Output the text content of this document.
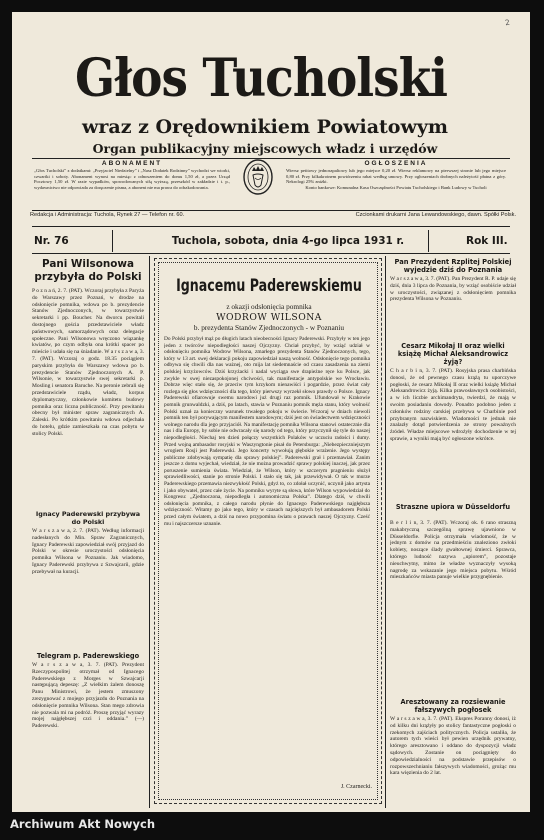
2
Głos Tucholski
wraz z Orędownikiem Powiatowym
Organ publikacyjny miejscowych władz i urzędów
ABONAMENT
„Głos Tucholski” z dodatkami: „Przyjaciel Niedzielny” i „Nasz Dodatek Rodzinny” wychodzi we wtorki, czwartki i soboty. Abonament wynosi na miesiąc z odnoszeniem do domu 1,50 zł, a przez Urząd Pocztowy 1,50 zł. W razie wypadków, spowodowanych siłą wyższą, przeszkód w zakładzie i t. p., wydawnictwo nie odpowiada za doręczenie pisma, a abonent nie ma prawa do odszkodowania.
OGŁOSZENIA
Wiersz petitowy jednoszpaltowy lub jego miejsce 0,20 zł. Wiersz reklamowy na pierwszej stronie lub jego miejsce 0,80 zł. Przy kilkakrotnem powtórzeniu rabat według umowy. Przy ogłoszeniach drobnych należytość płatna z góry. Nekrologi 25% zniżki.
Konto bankowe: Komunalna Kasa Oszczędności Powiatu Tucholskiego i Bank Ludowy w Tucholi
Redakcja i Administracja: Tuchola, Rynek 27 — Telefon nr. 60.	Czcionkami drukarni Jana Lewandowskiego, dawn. Spółki Polsk.
Nr. 76	Tuchola, sobota, dnia 4-go lipca 1931 r.	Rok III.
Pani Wilsonowa przybyła do Polski
P o z n a ń, 2. 7. (PAT). Wczoraj przybyła z Paryża do Warszawy przez Poznań, w drodze na odsłonięcie pomnika, wdowa po b. prezydencie Stanów Zjednoczonych, w towarzystwie sekretarki i pp. Boucher. Na dworcu powitali dostojnego gościa przedstawiciele władz państwowych, samorządowych oraz delegacje społeczne. Pani Wilsonowa wręczono wiązankę kwiatów, po czym odbyła ona krótki spacer po mieście i udała się na śniadanie. W a r s z a w a, 3. 7. (PAT). Wczoraj o godz. 18.35 pociągiem paryskim przybyła do Warszawy wdowa po b. prezydencie Stanów Zjednoczonych A. P. Wilsonie, w towarzystwie swej sekretarki p. Mosling i senatora Baruche. Na peronie zebrali się przedstawiciele rządu, władz, korpus dyplomatyczny, członkowie komitetu budowy pomnika oraz liczna publiczność. Przy powitaniu obecny był minister spraw zagranicznych A. Zaleski. Po krótkim powitaniu wdowa odjechała do hotelu, gdzie zamieszkała na czas pobytu w stolicy Polski.
Ignacy Paderewski przybywa do Polski
W a r s z a w a, 2. 7. (PAT). Według informacji nadesłanych do Min. Spraw Zagranicznych, Ignacy Paderewski zapowiedział swój przyjazd do Polski w okresie uroczystości odsłonięcia pomnika Wilsona w Poznaniu. Jak wiadomo, Ignacy Paderewski przybywa z Szwajcarii, gdzie przebywał na kuracji.
Telegram p. Paderewskiego
W a r s z a w a, 3. 7. (PAT). Prezydent Rzeczypospolitej otrzymał od Ignacego Paderewskiego z Morges w Szwajcarji następującą depeszę: „Z wielkim żalem donoszę Panu Ministrowi, że jestem zmuszony zrezygnować z mojego przyjazdu do Poznania na odsłonięcie pomnika Wilsona. Stan mego zdrowia nie pozwala mi na podróż. Proszę przyjąć wyrazy mojej najgłębszej czci i oddania.” (—) Paderewski.
Ignacemu Paderewskiemu
z okazji odsłonięcia pomnika
WODROW WILSONA
b. prezydenta Stanów Zjednoczonych - w Poznaniu
Do Polski przybył mąż po długich latach nieobecności Ignacy Paderewski. Przybyły w ten jego jeden z twórców niepodległości naszej Ojczyzny. Chciał przybyć, by wziąć udział w odsłonięciu pomnika Wodrow Wilsona, zmarłego prezydenta Stanów Zjednoczonych, tego, który w 13 art. swej deklaracji pokoju zapowiedział naszą wolność. Odsłonięcie tego pomnika odbywa się chwili dla nas ważnej, oto mija lat siedemnaście od czasu zasadzenia na ziemi polskiej krzyżowców. Dziś krzyżacki i nadal wyciąga swe drapieżne ręce ku Polsce, jak zwykle w swej niezaspokojonej chciwości, tak manifestacje antypolskie we Wrocławiu. Dobrze więc stało się, że przeciw tym krzykom nienawiści i pogardzie, przez świat cały rozlega się głos wdzięczności dla tego, który pierwszy wyrzekł słowo prawdy o Polsce. Ignacy Paderewski ofiarowuje swemu narodowi już drugi raz pomnik. Ufundował w Krakowie pomnik grunwaldzki, a dziś, po latach, stawia w Poznaniu pomnik męża stanu, który wolność Polski uznał za konieczny warunek trwałego pokoju w świecie. Wczoraj w dniach niewoli pomnik ten był porywającym manifestem narodowym; dziś jest on świadectwem wdzięczności wolnego narodu dla jego przyjaciół. Na manifestację pomnika Wilsona stanowi ostatecznie dla nas i dla Europy, by sobie nie odwracały się narody od tego, który przyczynił się tyle do naszej niepodległości. Niechaj ten dzień połączy wszystkich Polaków w uczuciu radości i dumy. Przed wojną ambasador rosyjski w Waszyngtonie pisał do Petersburga: „Niebezpieczniejszym wrogiem Rosji jest Paderewski. Jego koncerty wywołują głębokie wrażenie. Jego występy publiczne zdobywają sympatię dla sprawy polskiej”. Paderewski grał i przemawiał. Zanim jeszcze z domu wyjechał, wiedział, że nie można prowadzić sprawy polskiej inaczej, jak przez poruszenie sumienia świata. Wiedział, że Wilson, który w szczerym pragnieniu służył sprawiedliwości, stanie po stronie Polski. I stało się tak, jak przewidywał. O tak w murze Paderewskiego przemawia niezwykłość Polski, gdyż to, co zdołał uczynić, uczynił jako artysta i jako obywatel, przez całe życie. Na pomniku wyryte są słowa, które Wilson wypowiedział do Kongresu: „Zjednoczona, niepodległa i autonomiczna Polska”. Dlatego dziś, w chwili odsłonięcia pomnika, z całego narodu płynie do Ignacego Paderewskiego najgłębsza wdzięczność. Witamy go jako tego, który w czasach najcięższych był ambasadorem Polski przed całym światem, a dziś na nowo przypomina światu o prawach naszej Ojczyzny. Cześć mu i najszczersze uznanie.
J. Czarnecki.
Pan Prezydent Rzplitej Polskiej wyjedzie dziś do Poznania
W a r s z a w a, 3. 7. (PAT). Pan Prezydent R. P. udaje się dziś, dnia 3 lipca do Poznania, by wziąć osobiście udział w uroczystości, związanej z odsłonięciem pomnika prezydenta Wilsona w Poznaniu.
Cesarz Mikołaj II oraz wielki książę Michał Aleksandrowicz żyją?
C h a r b i n, 3. 7. (PAT). Rosyjska prasa charbińska donosi, że od pewnego czasu krążą tu uporczywe pogłoski, że cesarz Mikołaj II oraz wielki książę Michał Aleksandrowicz żyją. Kilka prawosławnych osobistości, a w ich liczbie archimandryta, twierdzi, że mają w swoim posiadaniu dowody. Ponadto podobno jeden z członków rodziny carskiej przebywa w Charbinie pod przybranym nazwiskiem. Wiadomości te jednak nie znalazły dotąd potwierdzenia ze strony poważnych źródeł. Władze miejscowe wdrożyły dochodzenie w tej sprawie, a wyniki mają być ogłoszone wkrótce.
Straszne upiora w Düsseldorfu
B e r l i n, 3. 7. (PAT). Wczoraj ok. 6 rano straszną makabryczną szczególną sprawę ujawniono w Düsseldorfie. Policja otrzymała wiadomość, że w jednym z domów na przedmieściu znaleziono zwłoki kobiety, noszące ślady gwałtownej śmierci. Sprawca, którego ludność nazywa „upiorem”, pozostaje nieuchwytny, mimo że władze wyznaczyły wysoką nagrodę za wskazanie jego miejsca pobytu. Wśród mieszkańców miasta panuje wielkie przygnębienie.
Aresztowany za rozsiewanie fałszywych pogłosek
W a r s z a w a, 3. 7. (PAT). Ekspres Poranny donosi, iż od kilku dni krążyły po stolicy fantastyczne pogłoski o rzekomych zajściach politycznych. Policja ustaliła, że autorem tych wieści był pewien urzędnik prywatny, którego aresztowano i oddano do dyspozycji władz sądowych. Zostanie on pociągnięty do odpowiedzialności na podstawie przepisów o rozpowszechnianiu fałszywych wiadomości, grożąc mu kara więzienia do 2 lat.
Archiwum Akt Nowych
